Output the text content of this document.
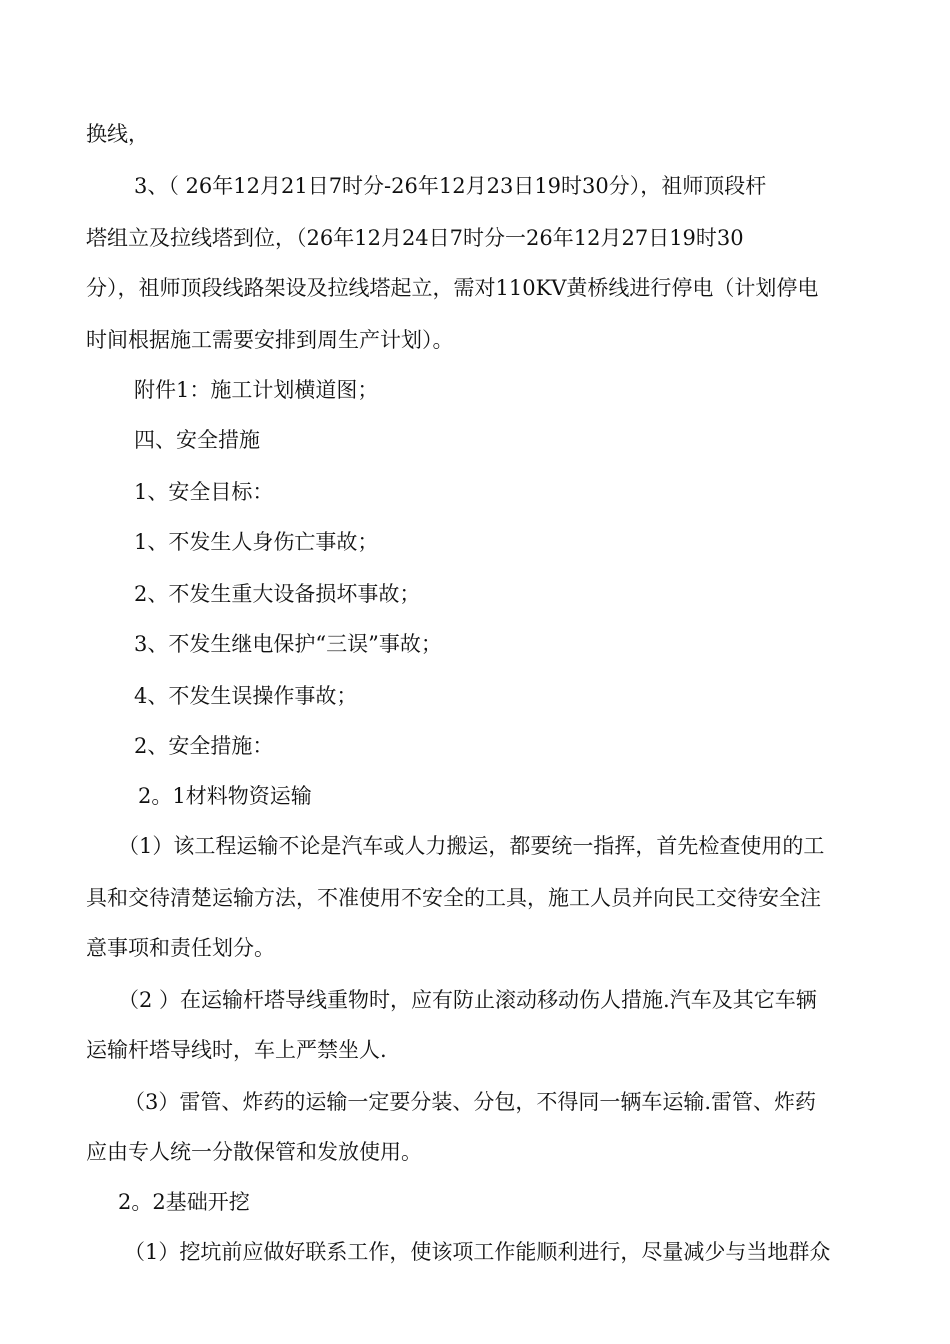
换线，
3、（ 26年12月21日7时分-26年12月23日19时30分），祖师顶段杆
塔组立及拉线塔到位，（26年12月24日7时分一26年12月27日19时30
分），祖师顶段线路架设及拉线塔起立，需对110KV黄桥线进行停电（计划停电
时间根据施工需要安排到周生产计划）。
附件1：施工计划横道图；
四、安全措施
1、安全目标：
1、不发生人身伤亡事故；
2、不发生重大设备损坏事故；
3、不发生继电保护“三误”事故；
4、不发生误操作事故；
2、安全措施：
2。1材料物资运输
（1）该工程运输不论是汽车或人力搬运，都要统一指挥，首先检查使用的工
具和交待清楚运输方法，不准使用不安全的工具，施工人员并向民工交待安全注
意事项和责任划分。
（2 ）在运输杆塔导线重物时，应有防止滚动移动伤人措施.汽车及其它车辆
运输杆塔导线时，车上严禁坐人.
（3）雷管、炸药的运输一定要分装、分包，不得同一辆车运输.雷管、炸药
应由专人统一分散保管和发放使用。
2。2基础开挖
（1）挖坑前应做好联系工作，使该项工作能顺利进行，尽量减少与当地群众
